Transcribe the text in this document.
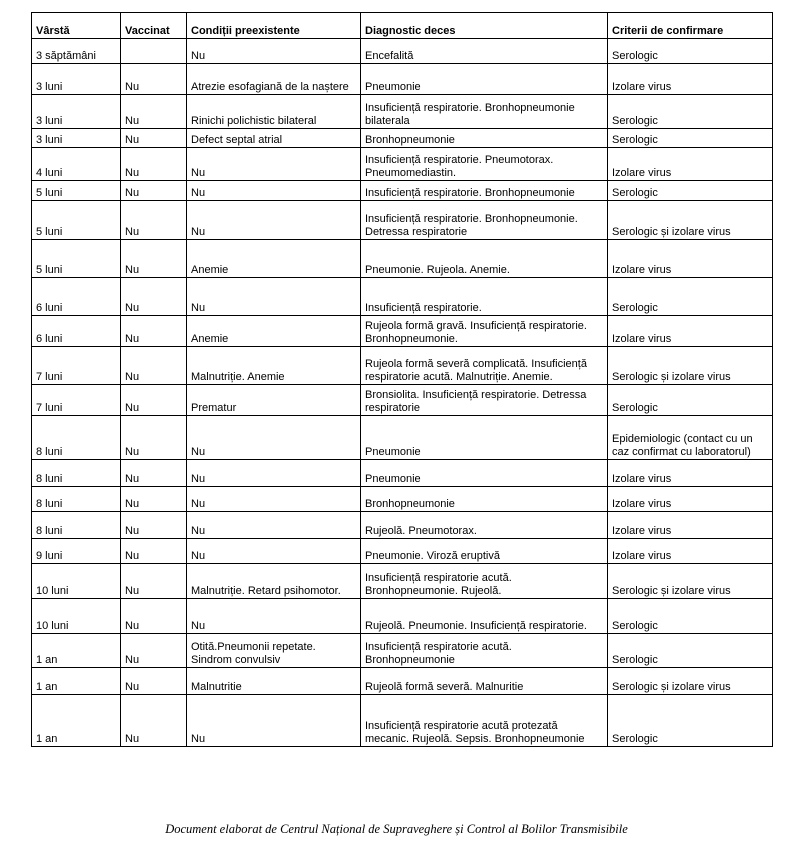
Vârstă	Vaccinat	Condiții preexistente	Diagnostic deces	Criterii de confirmare
3 săptămâni		Nu	Encefalită	Serologic
3 luni	Nu	Atrezie esofagiană de la naștere	Pneumonie	Izolare virus
3 luni	Nu	Rinichi polichistic bilateral	Insuficiență respiratorie. Bronhopneumonie bilaterala	Serologic
3 luni	Nu	Defect septal atrial	Bronhopneumonie	Serologic
4 luni	Nu	Nu	Insuficiență respiratorie. Pneumotorax. Pneumomediastin.	Izolare virus
5 luni	Nu	Nu	Insuficiență respiratorie. Bronhopneumonie	Serologic
5 luni	Nu	Nu	Insuficiență respiratorie. Bronhopneumonie. Detressa respiratorie	Serologic și izolare virus
5 luni	Nu	Anemie	Pneumonie. Rujeola. Anemie.	Izolare virus
6 luni	Nu	Nu	Insuficiență respiratorie.	Serologic
6 luni	Nu	Anemie	Rujeola formă gravă. Insuficiență respiratorie. Bronhopneumonie.	Izolare virus
7 luni	Nu	Malnutriție. Anemie	Rujeola formă severă complicată. Insuficiență respiratorie acută. Malnutriție. Anemie.	Serologic și izolare virus
7 luni	Nu	Prematur	Bronsiolita. Insuficiență respiratorie. Detressa respiratorie	Serologic
8 luni	Nu	Nu	Pneumonie	Epidemiologic (contact cu un caz confirmat cu laboratorul)
8 luni	Nu	Nu	Pneumonie	Izolare virus
8 luni	Nu	Nu	Bronhopneumonie	Izolare virus
8 luni	Nu	Nu	Rujeolă. Pneumotorax.	Izolare virus
9 luni	Nu	Nu	Pneumonie. Viroză eruptivă	Izolare virus
10 luni	Nu	Malnutriție. Retard psihomotor.	Insuficiență respiratorie acută. Bronhopneumonie. Rujeolă.	Serologic și izolare virus
10 luni	Nu	Nu	Rujeolă. Pneumonie. Insuficiență respiratorie.	Serologic
1 an	Nu	Otită.Pneumonii repetate. Sindrom convulsiv	Insuficiență respiratorie acută. Bronhopneumonie	Serologic
1 an	Nu	Malnutritie	Rujeolă formă severă. Malnuritie	Serologic și izolare virus
1 an	Nu	Nu	Insuficiență respiratorie acută protezată mecanic. Rujeolă. Sepsis. Bronhopneumonie	Serologic
Document elaborat de Centrul Național de Supraveghere și Control al Bolilor Transmisibile
